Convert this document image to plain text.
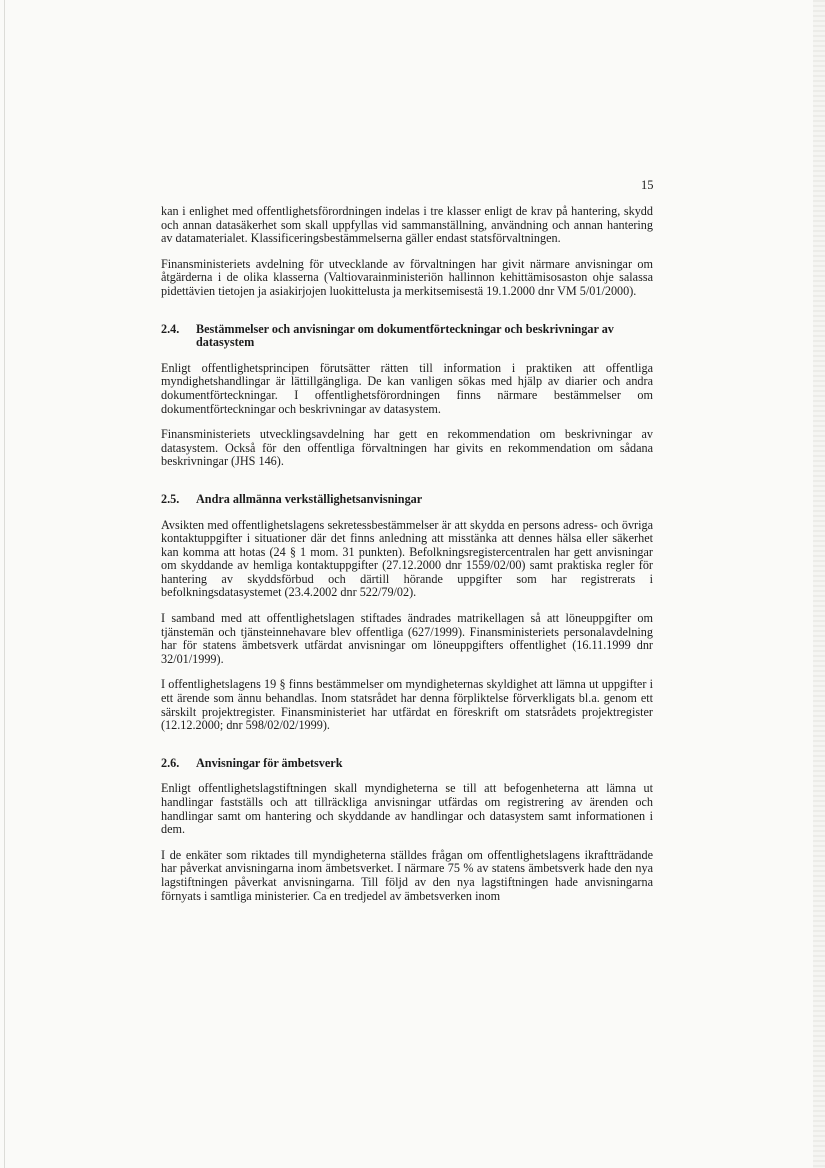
15

kan i enlighet med offentlighetsförordningen indelas i tre klasser enligt de krav på hantering, skydd och annan datasäkerhet som skall uppfyllas vid sammanställning, användning och annan hantering av datamaterialet. Klassificeringsbestämmelserna gäller endast statsförvaltningen.

Finansministeriets avdelning för utvecklande av förvaltningen har givit närmare anvisningar om åtgärderna i de olika klasserna (Valtiovarainministeriön hallinnon kehittämisosaston ohje salassa pidettävien tietojen ja asiakirjojen luokittelusta ja merkitsemisestä 19.1.2000 dnr VM 5/01/2000).

2.4.	Bestämmelser och anvisningar om dokumentförteckningar och beskrivningar av datasystem

Enligt offentlighetsprincipen förutsätter rätten till information i praktiken att offentliga myndighetshandlingar är lättillgängliga. De kan vanligen sökas med hjälp av diarier och andra dokumentförteckningar. I offentlighetsförordningen finns närmare bestämmelser om dokumentförteckningar och beskrivningar av datasystem.

Finansministeriets utvecklingsavdelning har gett en rekommendation om beskrivningar av datasystem. Också för den offentliga förvaltningen har givits en rekommendation om sådana beskrivningar (JHS 146).

2.5.	Andra allmänna verkställighetsanvisningar

Avsikten med offentlighetslagens sekretessbestämmelser är att skydda en persons adress- och övriga kontaktuppgifter i situationer där det finns anledning att misstänka att dennes hälsa eller säkerhet kan komma att hotas (24 § 1 mom. 31 punkten). Befolkningsregistercentralen har gett anvisningar om skyddande av hemliga kontaktuppgifter (27.12.2000 dnr 1559/02/00) samt praktiska regler för hantering av skyddsförbud och därtill hörande uppgifter som har registrerats i befolkningsdatasystemet (23.4.2002 dnr 522/79/02).

I samband med att offentlighetslagen stiftades ändrades matrikellagen så att löneuppgifter om tjänstemän och tjänsteinnehavare blev offentliga (627/1999). Finansministeriets personalavdelning har för statens ämbetsverk utfärdat anvisningar om löneuppgifters offentlighet (16.11.1999 dnr 32/01/1999).

I offentlighetslagens 19 § finns bestämmelser om myndigheternas skyldighet att lämna ut uppgifter i ett ärende som ännu behandlas. Inom statsrådet har denna förpliktelse förverkligats bl.a. genom ett särskilt projektregister. Finansministeriet har utfärdat en föreskrift om statsrådets projektregister (12.12.2000; dnr 598/02/02/1999).

2.6.	Anvisningar för ämbetsverk

Enligt offentlighetslagstiftningen skall myndigheterna se till att befogenheterna att lämna ut handlingar fastställs och att tillräckliga anvisningar utfärdas om registrering av ärenden och handlingar samt om hantering och skyddande av handlingar och datasystem samt informationen i dem.

I de enkäter som riktades till myndigheterna ställdes frågan om offentlighetslagens ikraftträdande har påverkat anvisningarna inom ämbetsverket. I närmare 75 % av statens ämbetsverk hade den nya lagstiftningen påverkat anvisningarna. Till följd av den nya lagstiftningen hade anvisningarna förnyats i samtliga ministerier. Ca en tredjedel av ämbetsverken inom
